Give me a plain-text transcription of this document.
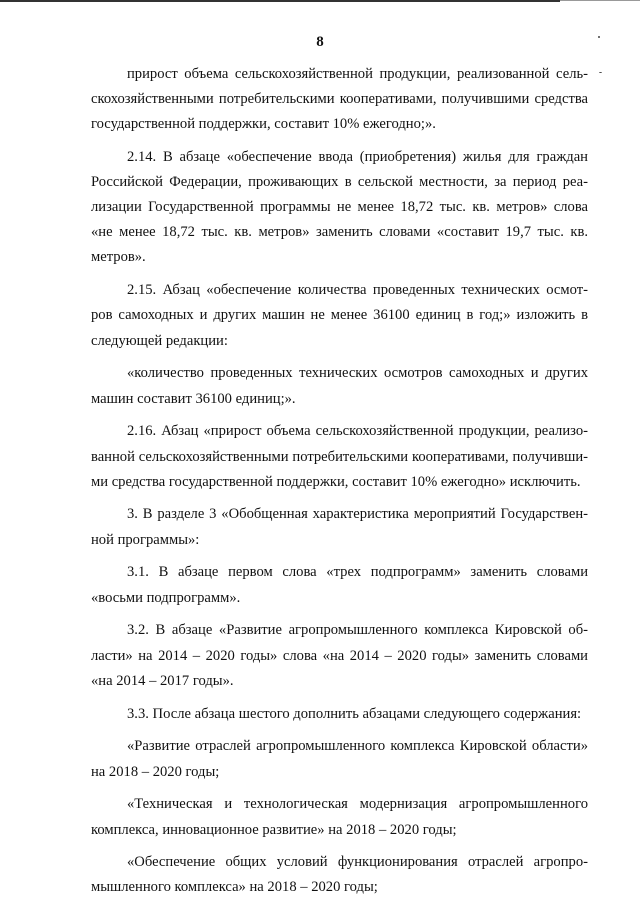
8
прирост объема сельскохозяйственной продукции, реализованной сель-
скохозяйственными потребительскими кооперативами, получившими средства
государственной поддержки, составит 10% ежегодно;».
2.14. В абзаце «обеспечение ввода (приобретения) жилья для граждан
Российской Федерации, проживающих в сельской местности, за период реа-
лизации Государственной программы не менее 18,72 тыс. кв. метров» слова
«не менее 18,72 тыс. кв. метров» заменить словами «составит 19,7 тыс. кв.
метров».
2.15. Абзац «обеспечение количества проведенных технических осмот-
ров самоходных и других машин не менее 36100 единиц в год;» изложить в
следующей редакции:
«количество проведенных технических осмотров самоходных и других
машин составит 36100 единиц;».
2.16. Абзац «прирост объема сельскохозяйственной продукции, реализо-
ванной сельскохозяйственными потребительскими кооперативами, получивши-
ми средства государственной поддержки, составит 10% ежегодно» исключить.
3. В разделе 3 «Обобщенная характеристика мероприятий Государствен-
ной программы»:
3.1. В абзаце первом слова «трех подпрограмм» заменить словами
«восьми подпрограмм».
3.2. В абзаце «Развитие агропромышленного комплекса Кировской об-
ласти» на 2014 – 2020 годы» слова «на 2014 – 2020 годы» заменить словами
«на 2014 – 2017 годы».
3.3. После абзаца шестого дополнить абзацами следующего содержания:
«Развитие отраслей агропромышленного комплекса Кировской области»
на 2018 – 2020 годы;
«Техническая и технологическая модернизация агропромышленного
комплекса, инновационное развитие» на 2018 – 2020 годы;
«Обеспечение общих условий функционирования отраслей агропро-
мышленного комплекса» на 2018 – 2020 годы;
